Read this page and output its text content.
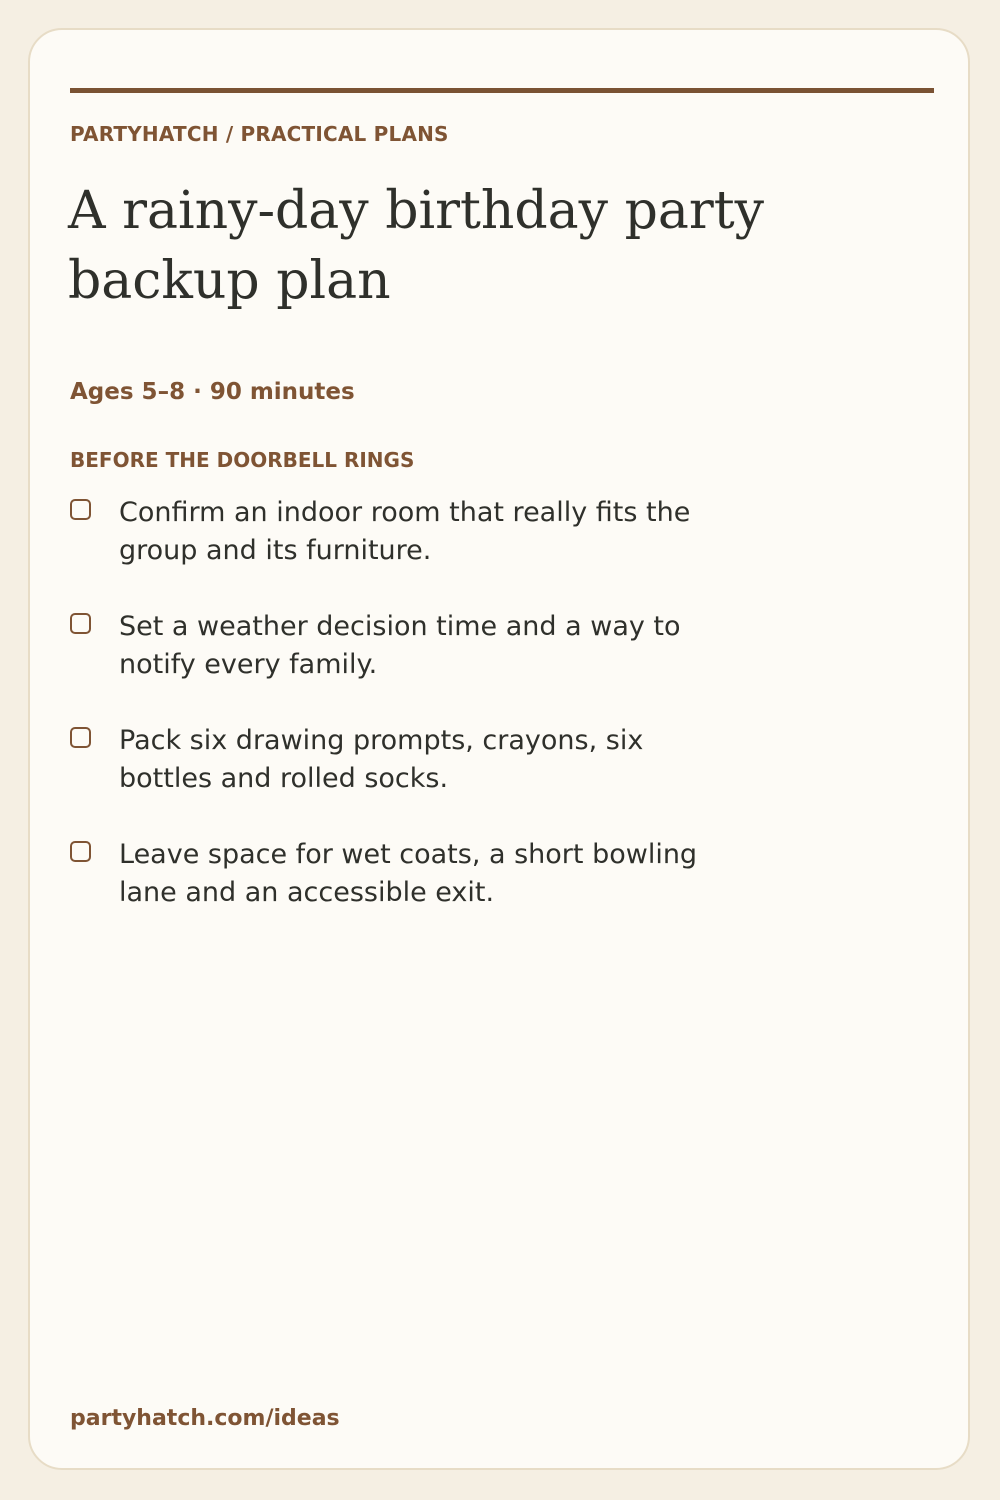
PARTYHATCH / PRACTICAL PLANS
A rainy-day birthday party backup plan
Ages 5–8 · 90 minutes
BEFORE THE DOORBELL RINGS
Confirm an indoor room that really fits the group and its furniture.
Set a weather decision time and a way to notify every family.
Pack six drawing prompts, crayons, six bottles and rolled socks.
Leave space for wet coats, a short bowling lane and an accessible exit.
partyhatch.com/ideas
